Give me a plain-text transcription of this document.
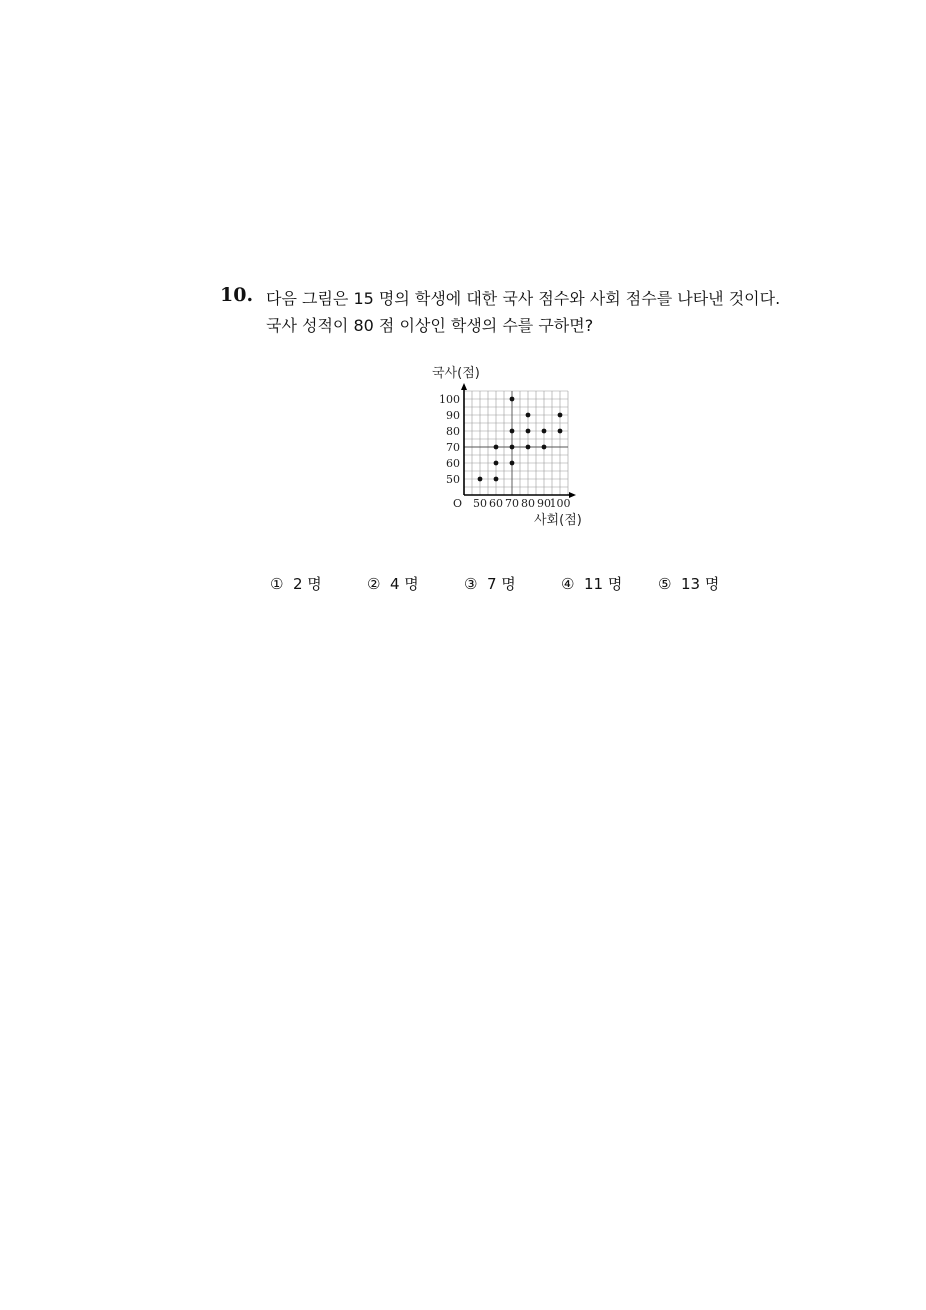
10. 다음 그림은 15 명의 학생에 대한 국사 점수와 사회 점수를 나타낸 것이다.
국사 성적이 80 점 이상인 학생의 수를 구하면?
50
60
70
80
90
100
50 60 70 80 90
100
국사(점)
사회(점)
O
① 2 명	② 4 명	③ 7 명	④ 11 명 ⑤ 13 명
